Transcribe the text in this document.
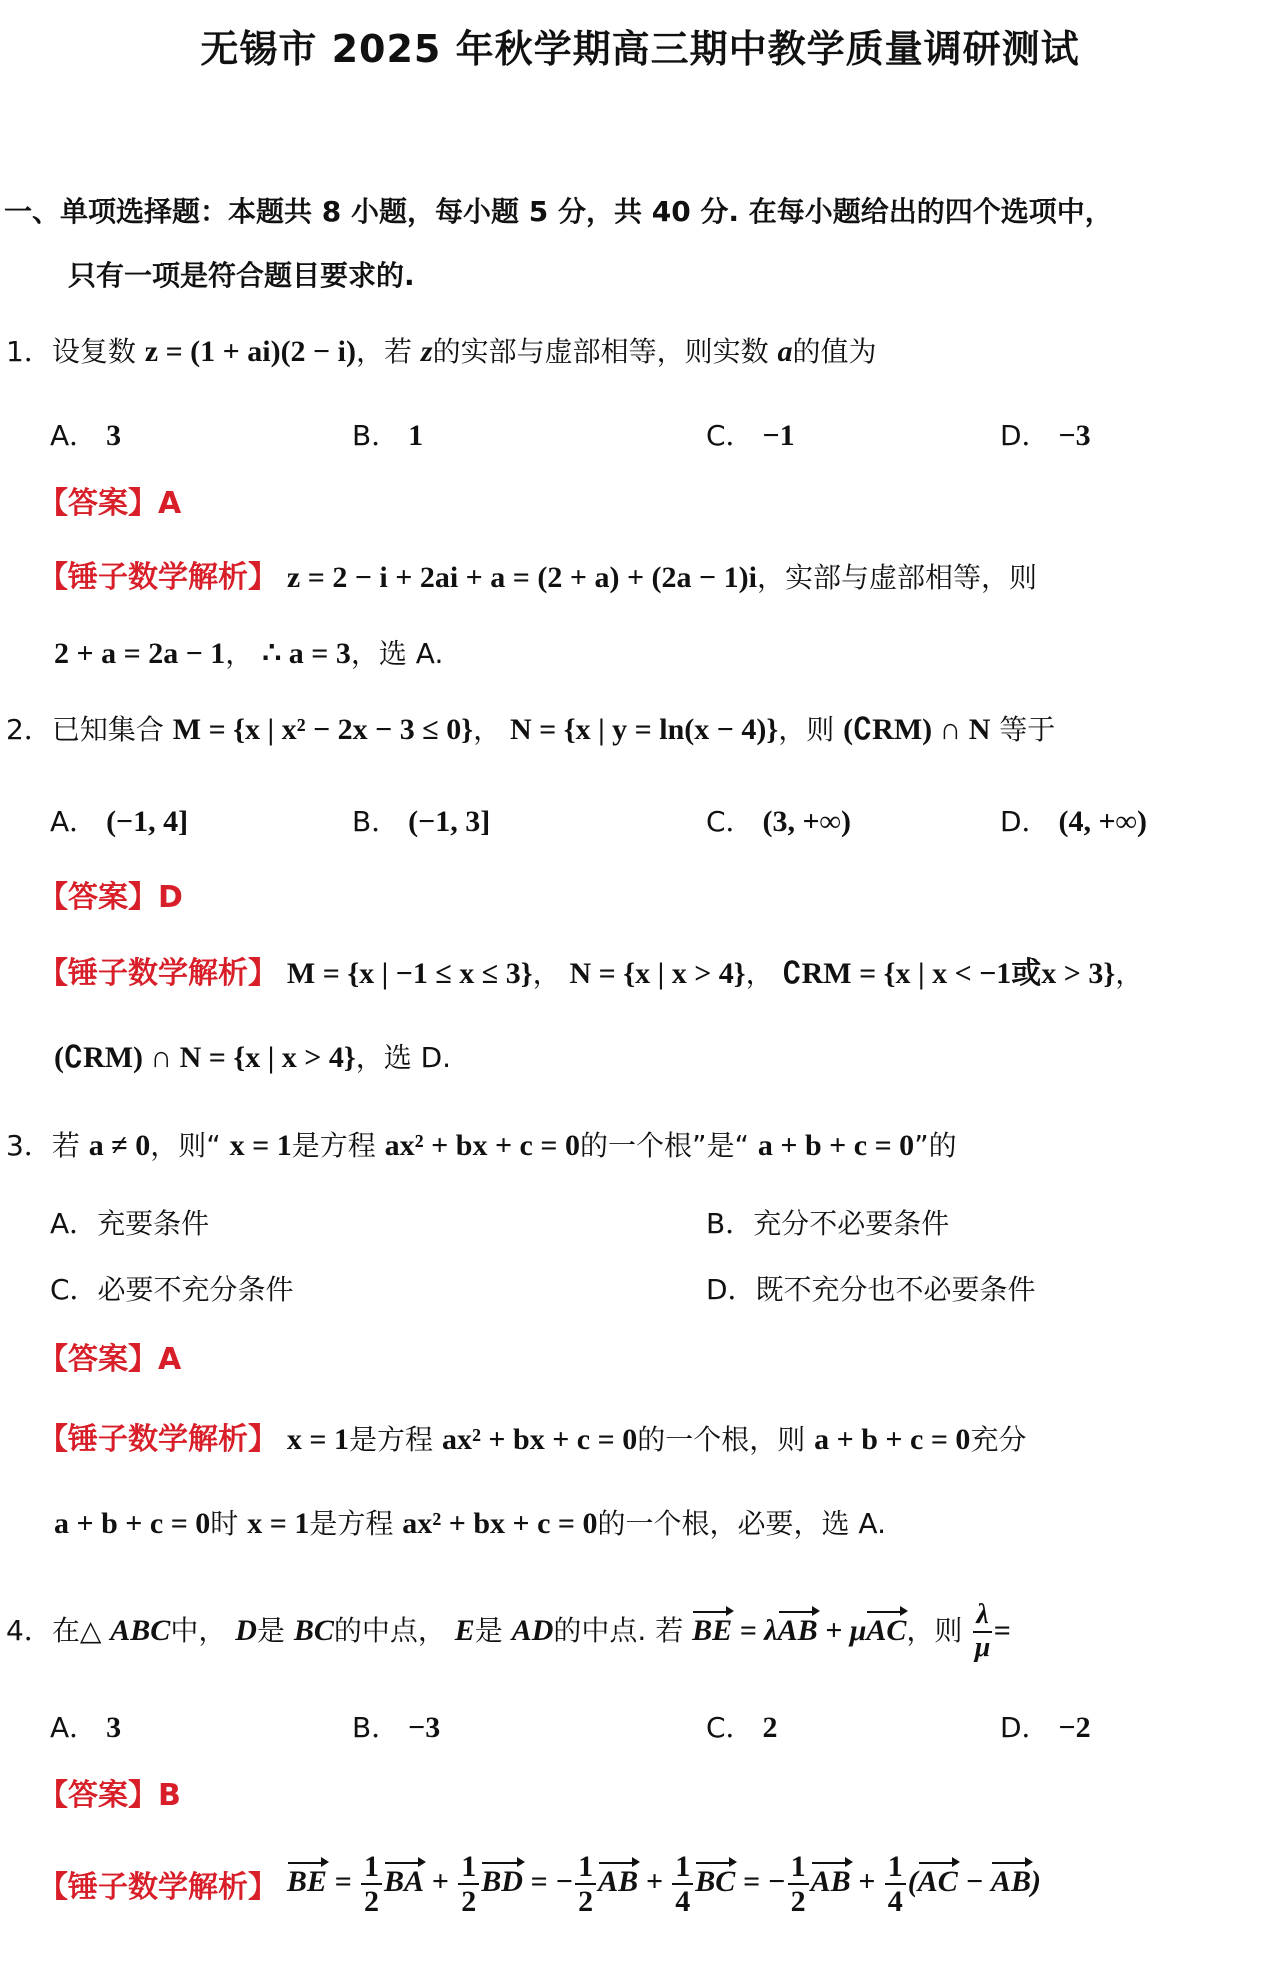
无锡市 2025 年秋学期高三期中教学质量调研测试
一、单项选择题：本题共 8 小题，每小题 5 分，共 40 分. 在每小题给出的四个选项中，
只有一项是符合题目要求的.
1．设复数 z = (1 + ai)(2 − i)，若 z的实部与虚部相等，则实数 a的值为
A． 3	B． 1	C． −1	D． −3
【答案】A
【锤子数学解析】 z = 2 − i + 2ai + a = (2 + a) + (2a − 1)i，实部与虚部相等，则
2 + a = 2a − 1， ∴ a = 3，选 A.
2．已知集合 M = {x | x² − 2x − 3 ≤ 0}， N = {x | y = ln(x − 4)}，则 (∁RM) ∩ N 等于
A． (−1, 4]	B． (−1, 3]	C． (3, +∞)	D． (4, +∞)
【答案】D
【锤子数学解析】 M = {x | −1 ≤ x ≤ 3}， N = {x | x > 4}， ∁RM = {x | x < −1或x > 3}，
(∁RM) ∩ N = {x | x > 4}，选 D.
3．若 a ≠ 0，则“ x = 1是方程 ax² + bx + c = 0的一个根”是“ a + b + c = 0”的
A．充要条件	B．充分不必要条件
C．必要不充分条件	D．既不充分也不必要条件
【答案】A
【锤子数学解析】 x = 1是方程 ax² + bx + c = 0的一个根，则 a + b + c = 0充分
a + b + c = 0时 x = 1是方程 ax² + bx + c = 0的一个根，必要，选 A.
4．在△ ABC中， D是 BC的中点， E是 AD的中点. 若 BE = λAB + μAC，则 $\frac{\lambda}{\mu}$ =
A． 3	B． −3	C． 2	D． −2
【答案】B
【锤子数学解析】 BE = $\frac{1}{2}$ BA + $\frac{1}{2}$ BD = − $\frac{1}{2}$ AB + $\frac{1}{4}$ BC = − $\frac{1}{2}$ AB + $\frac{1}{4} (AC - AB)$
